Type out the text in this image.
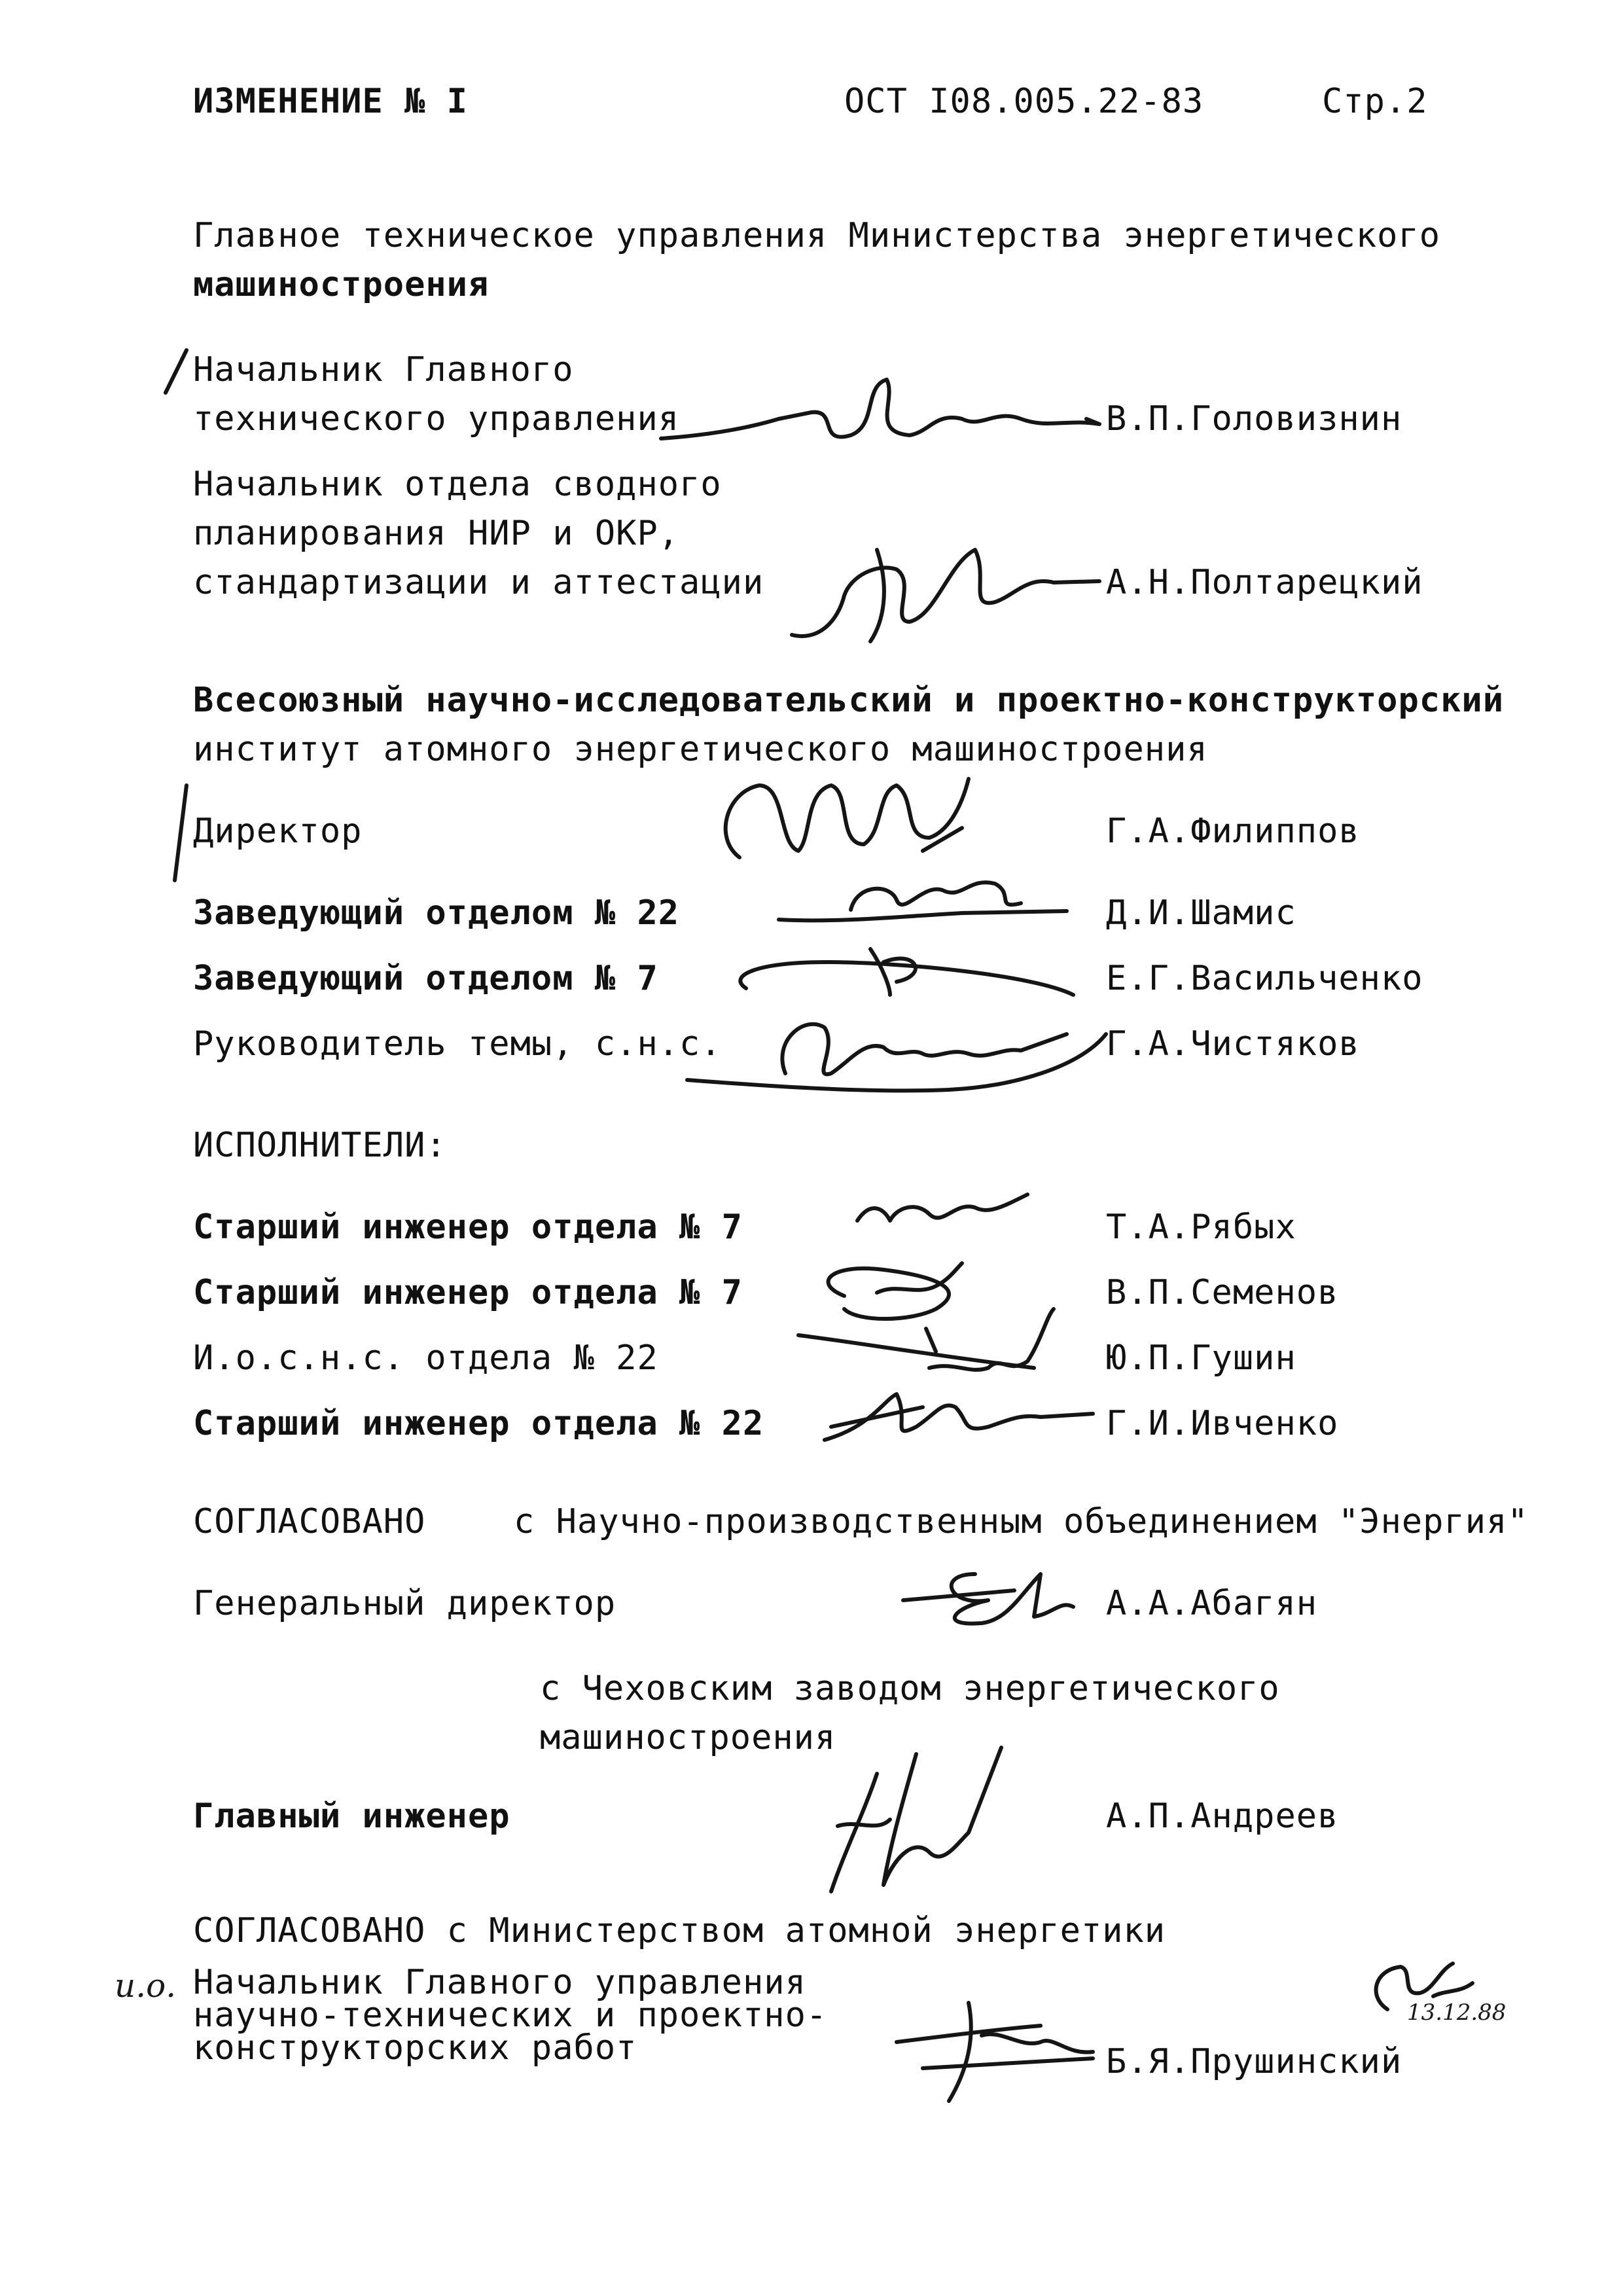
ИЗМЕНЕНИЕ № I	ОСТ I08.005.22-83	Стр.2
Главное техническое управления Министерства энергетического
машиностроения
Начальник Главного
технического управления	В.П.Головизнин
Начальник отдела сводного
планирования НИР и ОКР,
стандартизации и аттестации	А.Н.Полтарецкий
Всесоюзный научно-исследовательский и проектно-конструкторский
институт атомного энергетического машиностроения
Директор	Г.А.Филиппов
Заведующий отделом № 22	Д.И.Шамис
Заведующий отделом № 7	Е.Г.Васильченко
Руководитель темы, с.н.с.	Г.А.Чистяков
ИСПОЛНИТЕЛИ:
Старший инженер отдела № 7	Т.А.Рябых
Старший инженер отдела № 7	В.П.Семенов
И.о.с.н.с. отдела № 22	Ю.П.Гушин
Старший инженер отдела № 22	Г.И.Ивченко
СОГЛАСОВАНО	с Научно-производственным объединением "Энергия"
Генеральный директор	А.А.Абагян
с Чеховским заводом энергетического
машиностроения
Главный инженер	А.П.Андреев
СОГЛАСОВАНО с Министерством атомной энергетики
и.о. Начальник Главного управления
научно-технических и проектно-
конструкторских работ	Б.Я.Прушинский
13.12.88
